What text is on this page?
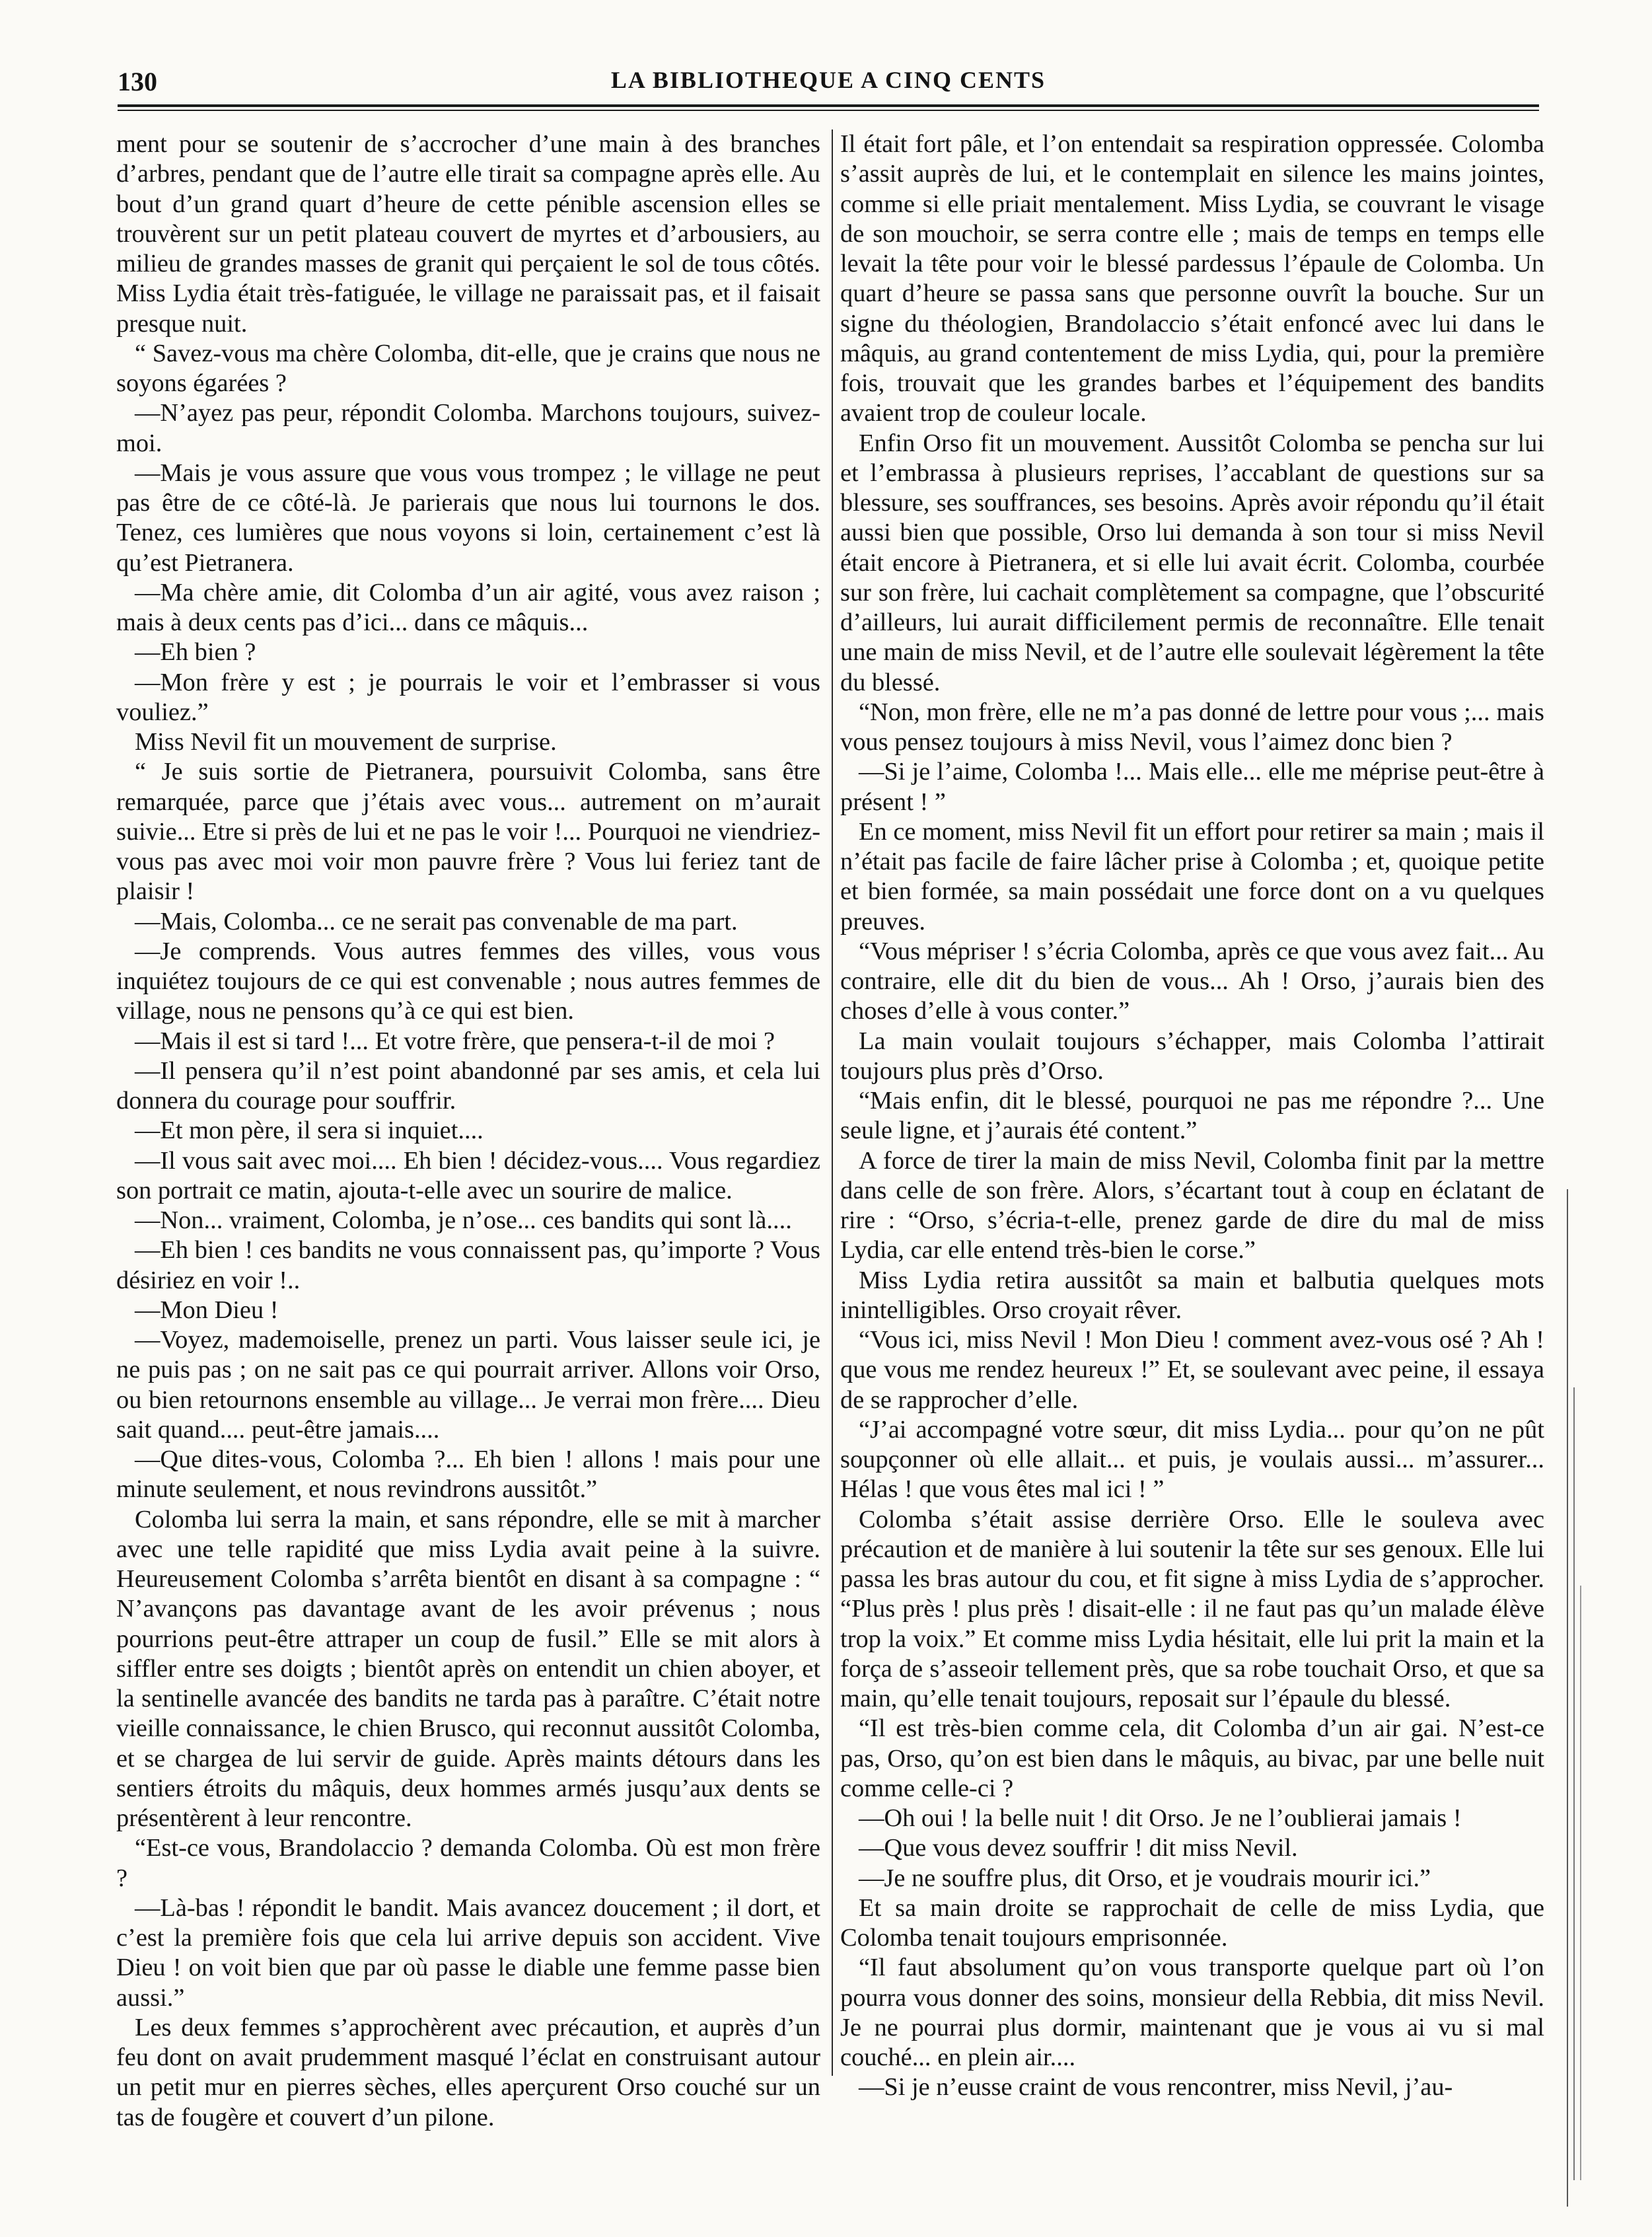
130	LA BIBLIOTHEQUE A CINQ CENTS

ment pour se soutenir de s’accrocher d’une main à des branches d’arbres, pendant que de l’autre elle tirait sa compagne après elle. Au bout d’un grand quart d’heure de cette pénible ascension elles se trouvèrent sur un petit plateau couvert de myrtes et d’arbousiers, au milieu de grandes masses de granit qui perçaient le sol de tous côtés. Miss Lydia était très-fatiguée, le village ne paraissait pas, et il faisait presque nuit.

“ Savez-vous ma chère Colomba, dit-elle, que je crains que nous ne soyons égarées ?

—N’ayez pas peur, répondit Colomba. Marchons toujours, suivez-moi.

—Mais je vous assure que vous vous trompez ; le village ne peut pas être de ce côté-là. Je parierais que nous lui tournons le dos. Tenez, ces lumières que nous voyons si loin, certainement c’est là qu’est Pietranera.

—Ma chère amie, dit Colomba d’un air agité, vous avez raison ; mais à deux cents pas d’ici... dans ce mâquis...

—Eh bien ?

—Mon frère y est ; je pourrais le voir et l’embrasser si vous vouliez.”

Miss Nevil fit un mouvement de surprise.

“ Je suis sortie de Pietranera, poursuivit Colomba, sans être remarquée, parce que j’étais avec vous... autrement on m’aurait suivie... Etre si près de lui et ne pas le voir !... Pourquoi ne viendriez-vous pas avec moi voir mon pauvre frère ? Vous lui feriez tant de plaisir !

—Mais, Colomba... ce ne serait pas convenable de ma part.

—Je comprends. Vous autres femmes des villes, vous vous inquiétez toujours de ce qui est convenable ; nous autres femmes de village, nous ne pensons qu’à ce qui est bien.

—Mais il est si tard !... Et votre frère, que pensera-t-il de moi ?

—Il pensera qu’il n’est point abandonné par ses amis, et cela lui donnera du courage pour souffrir.

—Et mon père, il sera si inquiet....

—Il vous sait avec moi.... Eh bien ! décidez-vous.... Vous regardiez son portrait ce matin, ajouta-t-elle avec un sourire de malice.

—Non... vraiment, Colomba, je n’ose... ces bandits qui sont là....

—Eh bien ! ces bandits ne vous connaissent pas, qu’importe ? Vous désiriez en voir !..

—Mon Dieu !

—Voyez, mademoiselle, prenez un parti. Vous laisser seule ici, je ne puis pas ; on ne sait pas ce qui pourrait arriver. Allons voir Orso, ou bien retournons ensemble au village... Je verrai mon frère.... Dieu sait quand.... peut-être jamais....

—Que dites-vous, Colomba ?... Eh bien ! allons ! mais pour une minute seulement, et nous revindrons aussitôt.”

Colomba lui serra la main, et sans répondre, elle se mit à marcher avec une telle rapidité que miss Lydia avait peine à la suivre. Heureusement Colomba s’arrêta bientôt en disant à sa compagne : “ N’avançons pas davantage avant de les avoir prévenus ; nous pourrions peut-être attraper un coup de fusil.” Elle se mit alors à siffler entre ses doigts ; bientôt après on entendit un chien aboyer, et la sentinelle avancée des bandits ne tarda pas à paraître. C’était notre vieille connaissance, le chien Brusco, qui reconnut aussitôt Colomba, et se chargea de lui servir de guide. Après maints détours dans les sentiers étroits du mâquis, deux hommes armés jusqu’aux dents se présentèrent à leur rencontre.

“Est-ce vous, Brandolaccio ? demanda Colomba. Où est mon frère ?

—Là-bas ! répondit le bandit. Mais avancez doucement ; il dort, et c’est la première fois que cela lui arrive depuis son accident. Vive Dieu ! on voit bien que par où passe le diable une femme passe bien aussi.”

Les deux femmes s’approchèrent avec précaution, et auprès d’un feu dont on avait prudemment masqué l’éclat en construisant autour un petit mur en pierres sèches, elles aperçurent Orso couché sur un tas de fougère et couvert d’un pilone.

Il était fort pâle, et l’on entendait sa respiration oppressée. Colomba s’assit auprès de lui, et le contemplait en silence les mains jointes, comme si elle priait mentalement. Miss Lydia, se couvrant le visage de son mouchoir, se serra contre elle ; mais de temps en temps elle levait la tête pour voir le blessé pardessus l’épaule de Colomba. Un quart d’heure se passa sans que personne ouvrît la bouche. Sur un signe du théologien, Brandolaccio s’était enfoncé avec lui dans le mâquis, au grand contentement de miss Lydia, qui, pour la première fois, trouvait que les grandes barbes et l’équipement des bandits avaient trop de couleur locale.

Enfin Orso fit un mouvement. Aussitôt Colomba se pencha sur lui et l’embrassa à plusieurs reprises, l’accablant de questions sur sa blessure, ses souffrances, ses besoins. Après avoir répondu qu’il était aussi bien que possible, Orso lui demanda à son tour si miss Nevil était encore à Pietranera, et si elle lui avait écrit. Colomba, courbée sur son frère, lui cachait complètement sa compagne, que l’obscurité d’ailleurs, lui aurait difficilement permis de reconnaître. Elle tenait une main de miss Nevil, et de l’autre elle soulevait légèrement la tête du blessé.

“Non, mon frère, elle ne m’a pas donné de lettre pour vous ;... mais vous pensez toujours à miss Nevil, vous l’aimez donc bien ?

—Si je l’aime, Colomba !... Mais elle... elle me méprise peut-être à présent ! ”

En ce moment, miss Nevil fit un effort pour retirer sa main ; mais il n’était pas facile de faire lâcher prise à Colomba ; et, quoique petite et bien formée, sa main possédait une force dont on a vu quelques preuves.

“Vous mépriser ! s’écria Colomba, après ce que vous avez fait... Au contraire, elle dit du bien de vous... Ah ! Orso, j’aurais bien des choses d’elle à vous conter.”

La main voulait toujours s’échapper, mais Colomba l’attirait toujours plus près d’Orso.

“Mais enfin, dit le blessé, pourquoi ne pas me répondre ?... Une seule ligne, et j’aurais été content.”

A force de tirer la main de miss Nevil, Colomba finit par la mettre dans celle de son frère. Alors, s’écartant tout à coup en éclatant de rire : “Orso, s’écria-t-elle, prenez garde de dire du mal de miss Lydia, car elle entend très-bien le corse.”

Miss Lydia retira aussitôt sa main et balbutia quelques mots inintelligibles. Orso croyait rêver.

“Vous ici, miss Nevil ! Mon Dieu ! comment avez-vous osé ? Ah ! que vous me rendez heureux !” Et, se soulevant avec peine, il essaya de se rapprocher d’elle.

“J’ai accompagné votre sœur, dit miss Lydia... pour qu’on ne pût soupçonner où elle allait... et puis, je voulais aussi... m’assurer... Hélas ! que vous êtes mal ici ! ”

Colomba s’était assise derrière Orso. Elle le souleva avec précaution et de manière à lui soutenir la tête sur ses genoux. Elle lui passa les bras autour du cou, et fit signe à miss Lydia de s’approcher. “Plus près ! plus près ! disait-elle : il ne faut pas qu’un malade élève trop la voix.” Et comme miss Lydia hésitait, elle lui prit la main et la força de s’asseoir tellement près, que sa robe touchait Orso, et que sa main, qu’elle tenait toujours, reposait sur l’épaule du blessé.

“Il est très-bien comme cela, dit Colomba d’un air gai. N’est-ce pas, Orso, qu’on est bien dans le mâquis, au bivac, par une belle nuit comme celle-ci ?

—Oh oui ! la belle nuit ! dit Orso. Je ne l’oublierai jamais !

—Que vous devez souffrir ! dit miss Nevil.

—Je ne souffre plus, dit Orso, et je voudrais mourir ici.”

Et sa main droite se rapprochait de celle de miss Lydia, que Colomba tenait toujours emprisonnée.

“Il faut absolument qu’on vous transporte quelque part où l’on pourra vous donner des soins, monsieur della Rebbia, dit miss Nevil. Je ne pourrai plus dormir, maintenant que je vous ai vu si mal couché... en plein air....

—Si je n’eusse craint de vous rencontrer, miss Nevil, j’au-
